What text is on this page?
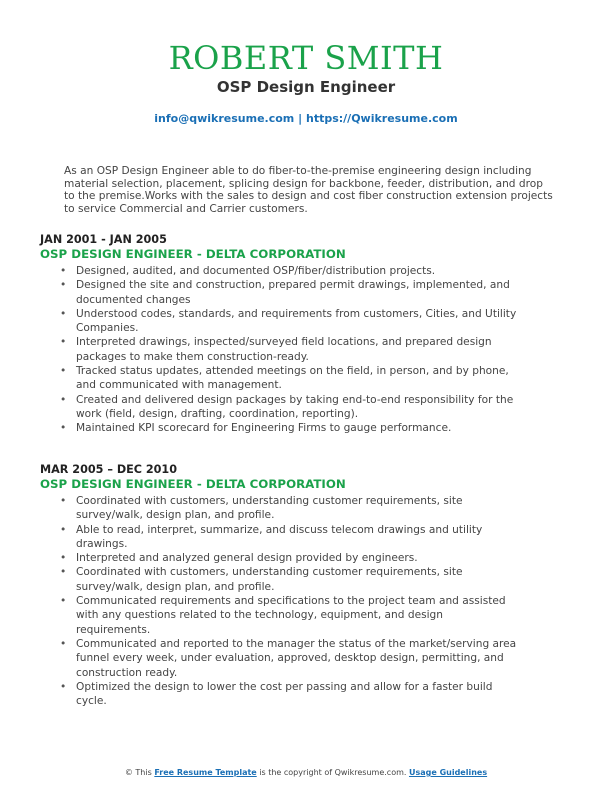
ROBERT SMITH
OSP Design Engineer
info@qwikresume.com | https://Qwikresume.com
As an OSP Design Engineer able to do fiber-to-the-premise engineering design including material selection, placement, splicing design for backbone, feeder, distribution, and drop to the premise.Works with the sales to design and cost fiber construction extension projects to service Commercial and Carrier customers.
JAN 2001 - JAN 2005
OSP DESIGN ENGINEER - DELTA CORPORATION
• Designed, audited, and documented OSP/fiber/distribution projects.
• Designed the site and construction, prepared permit drawings, implemented, and documented changes
• Understood codes, standards, and requirements from customers, Cities, and Utility Companies.
• Interpreted drawings, inspected/surveyed field locations, and prepared design packages to make them construction-ready.
• Tracked status updates, attended meetings on the field, in person, and by phone, and communicated with management.
• Created and delivered design packages by taking end-to-end responsibility for the work (field, design, drafting, coordination, reporting).
• Maintained KPI scorecard for Engineering Firms to gauge performance.
MAR 2005 – DEC 2010
OSP DESIGN ENGINEER - DELTA CORPORATION
• Coordinated with customers, understanding customer requirements, site survey/walk, design plan, and profile.
• Able to read, interpret, summarize, and discuss telecom drawings and utility drawings.
• Interpreted and analyzed general design provided by engineers.
• Coordinated with customers, understanding customer requirements, site survey/walk, design plan, and profile.
• Communicated requirements and specifications to the project team and assisted with any questions related to the technology, equipment, and design requirements.
• Communicated and reported to the manager the status of the market/serving area funnel every week, under evaluation, approved, desktop design, permitting, and construction ready.
• Optimized the design to lower the cost per passing and allow for a faster build cycle.
© This Free Resume Template is the copyright of Qwikresume.com. Usage Guidelines
